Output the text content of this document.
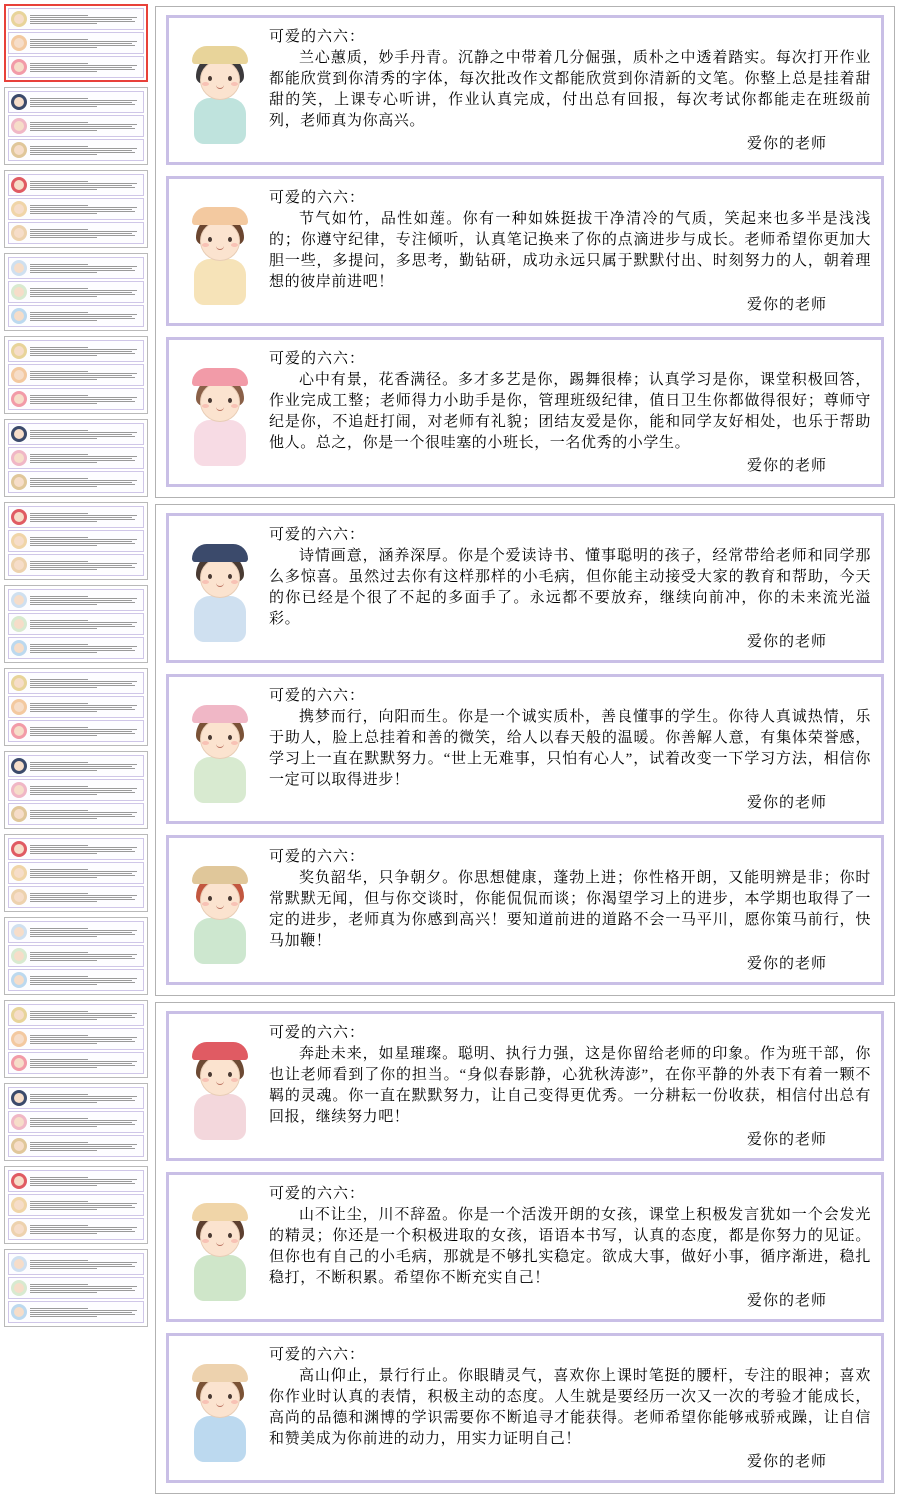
可爱的六六：

兰心蕙质，妙手丹青。沉静之中带着几分倔强，质朴之中透着踏实。每次打开作业都能欣赏到你清秀的字体，每次批改作文都能欣赏到你清新的文笔。你整上总是挂着甜甜的笑，上课专心听讲，作业认真完成，付出总有回报，每次考试你都能走在班级前列，老师真为你高兴。

爱你的老师

可爱的六六：

节气如竹，品性如莲。你有一种如姝挺拔干净清冷的气质，笑起来也多半是浅浅的；你遵守纪律，专注倾听，认真笔记换来了你的点滴进步与成长。老师希望你更加大胆一些，多提问，多思考，勤钻研，成功永远只属于默默付出、时刻努力的人，朝着理想的彼岸前进吧！

爱你的老师

可爱的六六：

心中有景，花香满径。多才多艺是你，踢舞很棒；认真学习是你，课堂积极回答，作业完成工整；老师得力小助手是你，管理班级纪律，值日卫生你都做得很好；尊师守纪是你，不追赶打闹，对老师有礼貌；团结友爱是你，能和同学友好相处，也乐于帮助他人。总之，你是一个很哇塞的小班长，一名优秀的小学生。

爱你的老师

可爱的六六：

诗情画意，涵养深厚。你是个爱读诗书、懂事聪明的孩子，经常带给老师和同学那么多惊喜。虽然过去你有这样那样的小毛病，但你能主动接受大家的教育和帮助，今天的你已经是个很了不起的多面手了。永远都不要放弃，继续向前冲，你的未来流光溢彩。

爱你的老师

可爱的六六：

携梦而行，向阳而生。你是一个诚实质朴，善良懂事的学生。你待人真诚热情，乐于助人，脸上总挂着和善的微笑，给人以春天般的温暖。你善解人意，有集体荣誉感，学习上一直在默默努力。“世上无难事，只怕有心人”，试着改变一下学习方法，相信你一定可以取得进步！

爱你的老师

可爱的六六：

奖负韶华，只争朝夕。你思想健康，蓬勃上进；你性格开朗，又能明辨是非；你时常默默无闻，但与你交谈时，你能侃侃而谈；你渴望学习上的进步，本学期也取得了一定的进步，老师真为你感到高兴！要知道前进的道路不会一马平川，愿你策马前行，快马加鞭！

爱你的老师

可爱的六六：

奔赴未来，如星璀璨。聪明、执行力强，这是你留给老师的印象。作为班干部，你也让老师看到了你的担当。“身似春影静，心犹秋涛澎”，在你平静的外表下有着一颗不羁的灵魂。你一直在默默努力，让自己变得更优秀。一分耕耘一份收获，相信付出总有回报，继续努力吧！

爱你的老师

可爱的六六：

山不让尘，川不辞盈。你是一个活泼开朗的女孩，课堂上积极发言犹如一个会发光的精灵；你还是一个积极进取的女孩，语语本书写，认真的态度，都是你努力的见证。但你也有自己的小毛病，那就是不够扎实稳定。欲成大事，做好小事，循序渐进，稳扎稳打，不断积累。希望你不断充实自己！

爱你的老师

可爱的六六：

高山仰止，景行行止。你眼睛灵气，喜欢你上课时笔挺的腰杆，专注的眼神；喜欢你作业时认真的表情，积极主动的态度。人生就是要经历一次又一次的考验才能成长，高尚的品德和渊博的学识需要你不断追寻才能获得。老师希望你能够戒骄戒躁，让自信和赞美成为你前进的动力，用实力证明自己！

爱你的老师
